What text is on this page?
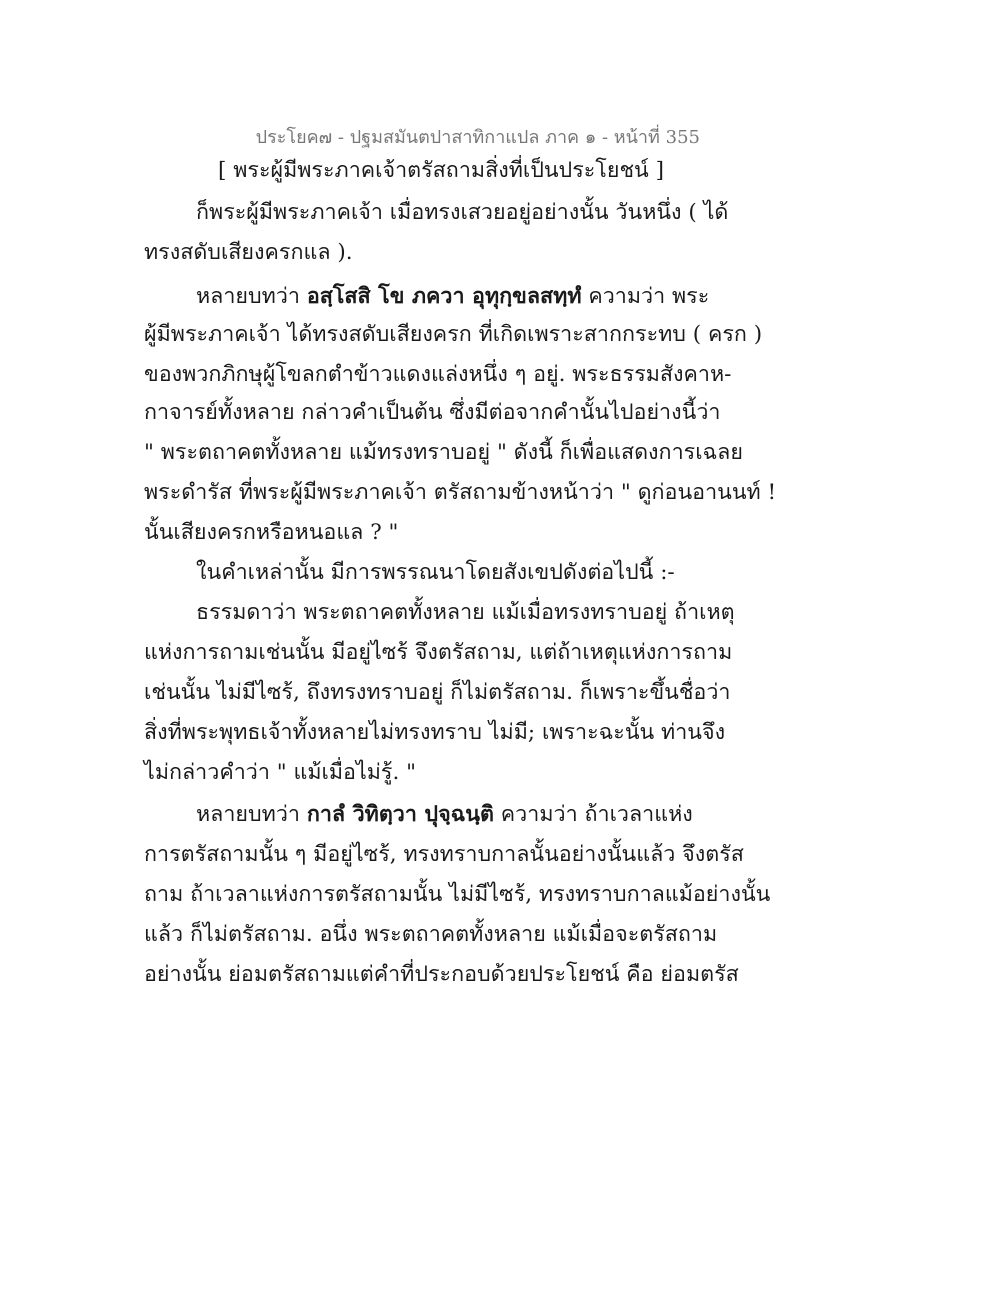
ประโยค๗ - ปฐมสมันตปาสาทิกาแปล ภาค ๑ - หน้าที่ 355
[ พระผู้มีพระภาคเจ้าตรัสถามสิ่งที่เป็นประโยชน์ ]
ก็พระผู้มีพระภาคเจ้า เมื่อทรงเสวยอยู่อย่างนั้น วันหนึ่ง ( ได้
ทรงสดับเสียงครกแล ).
หลายบทว่า อสฺโสสิ โข ภควา อุทุกฺขลสทฺทํ ความว่า พระ
ผู้มีพระภาคเจ้า ได้ทรงสดับเสียงครก ที่เกิดเพราะสากกระทบ ( ครก )
ของพวกภิกษุผู้โขลกตำข้าวแดงแล่งหนึ่ง ๆ อยู่. พระธรรมสังคาห-
กาจารย์ทั้งหลาย กล่าวคำเป็นต้น ซึ่งมีต่อจากคำนั้นไปอย่างนี้ว่า
" พระตถาคตทั้งหลาย แม้ทรงทราบอยู่ " ดังนี้ ก็เพื่อแสดงการเฉลย
พระดำรัส ที่พระผู้มีพระภาคเจ้า ตรัสถามข้างหน้าว่า " ดูก่อนอานนท์ !
นั้นเสียงครกหรือหนอแล ? "
ในคำเหล่านั้น มีการพรรณนาโดยสังเขปดังต่อไปนี้ :-
ธรรมดาว่า พระตถาคตทั้งหลาย แม้เมื่อทรงทราบอยู่ ถ้าเหตุ
แห่งการถามเช่นนั้น มีอยู่ไซร้ จึงตรัสถาม, แต่ถ้าเหตุแห่งการถาม
เช่นนั้น ไม่มีไซร้, ถึงทรงทราบอยู่ ก็ไม่ตรัสถาม. ก็เพราะขึ้นชื่อว่า
สิ่งที่พระพุทธเจ้าทั้งหลายไม่ทรงทราบ ไม่มี; เพราะฉะนั้น ท่านจึง
ไม่กล่าวคำว่า " แม้เมื่อไม่รู้. "
หลายบทว่า กาลํ วิทิตฺวา ปุจฺฉนฺติ ความว่า ถ้าเวลาแห่ง
การตรัสถามนั้น ๆ มีอยู่ไซร้, ทรงทราบกาลนั้นอย่างนั้นแล้ว จึงตรัส
ถาม ถ้าเวลาแห่งการตรัสถามนั้น ไม่มีไซร้, ทรงทราบกาลแม้อย่างนั้น
แล้ว ก็ไม่ตรัสถาม. อนึ่ง พระตถาคตทั้งหลาย แม้เมื่อจะตรัสถาม
อย่างนั้น ย่อมตรัสถามแต่คำที่ประกอบด้วยประโยชน์ คือ ย่อมตรัส
